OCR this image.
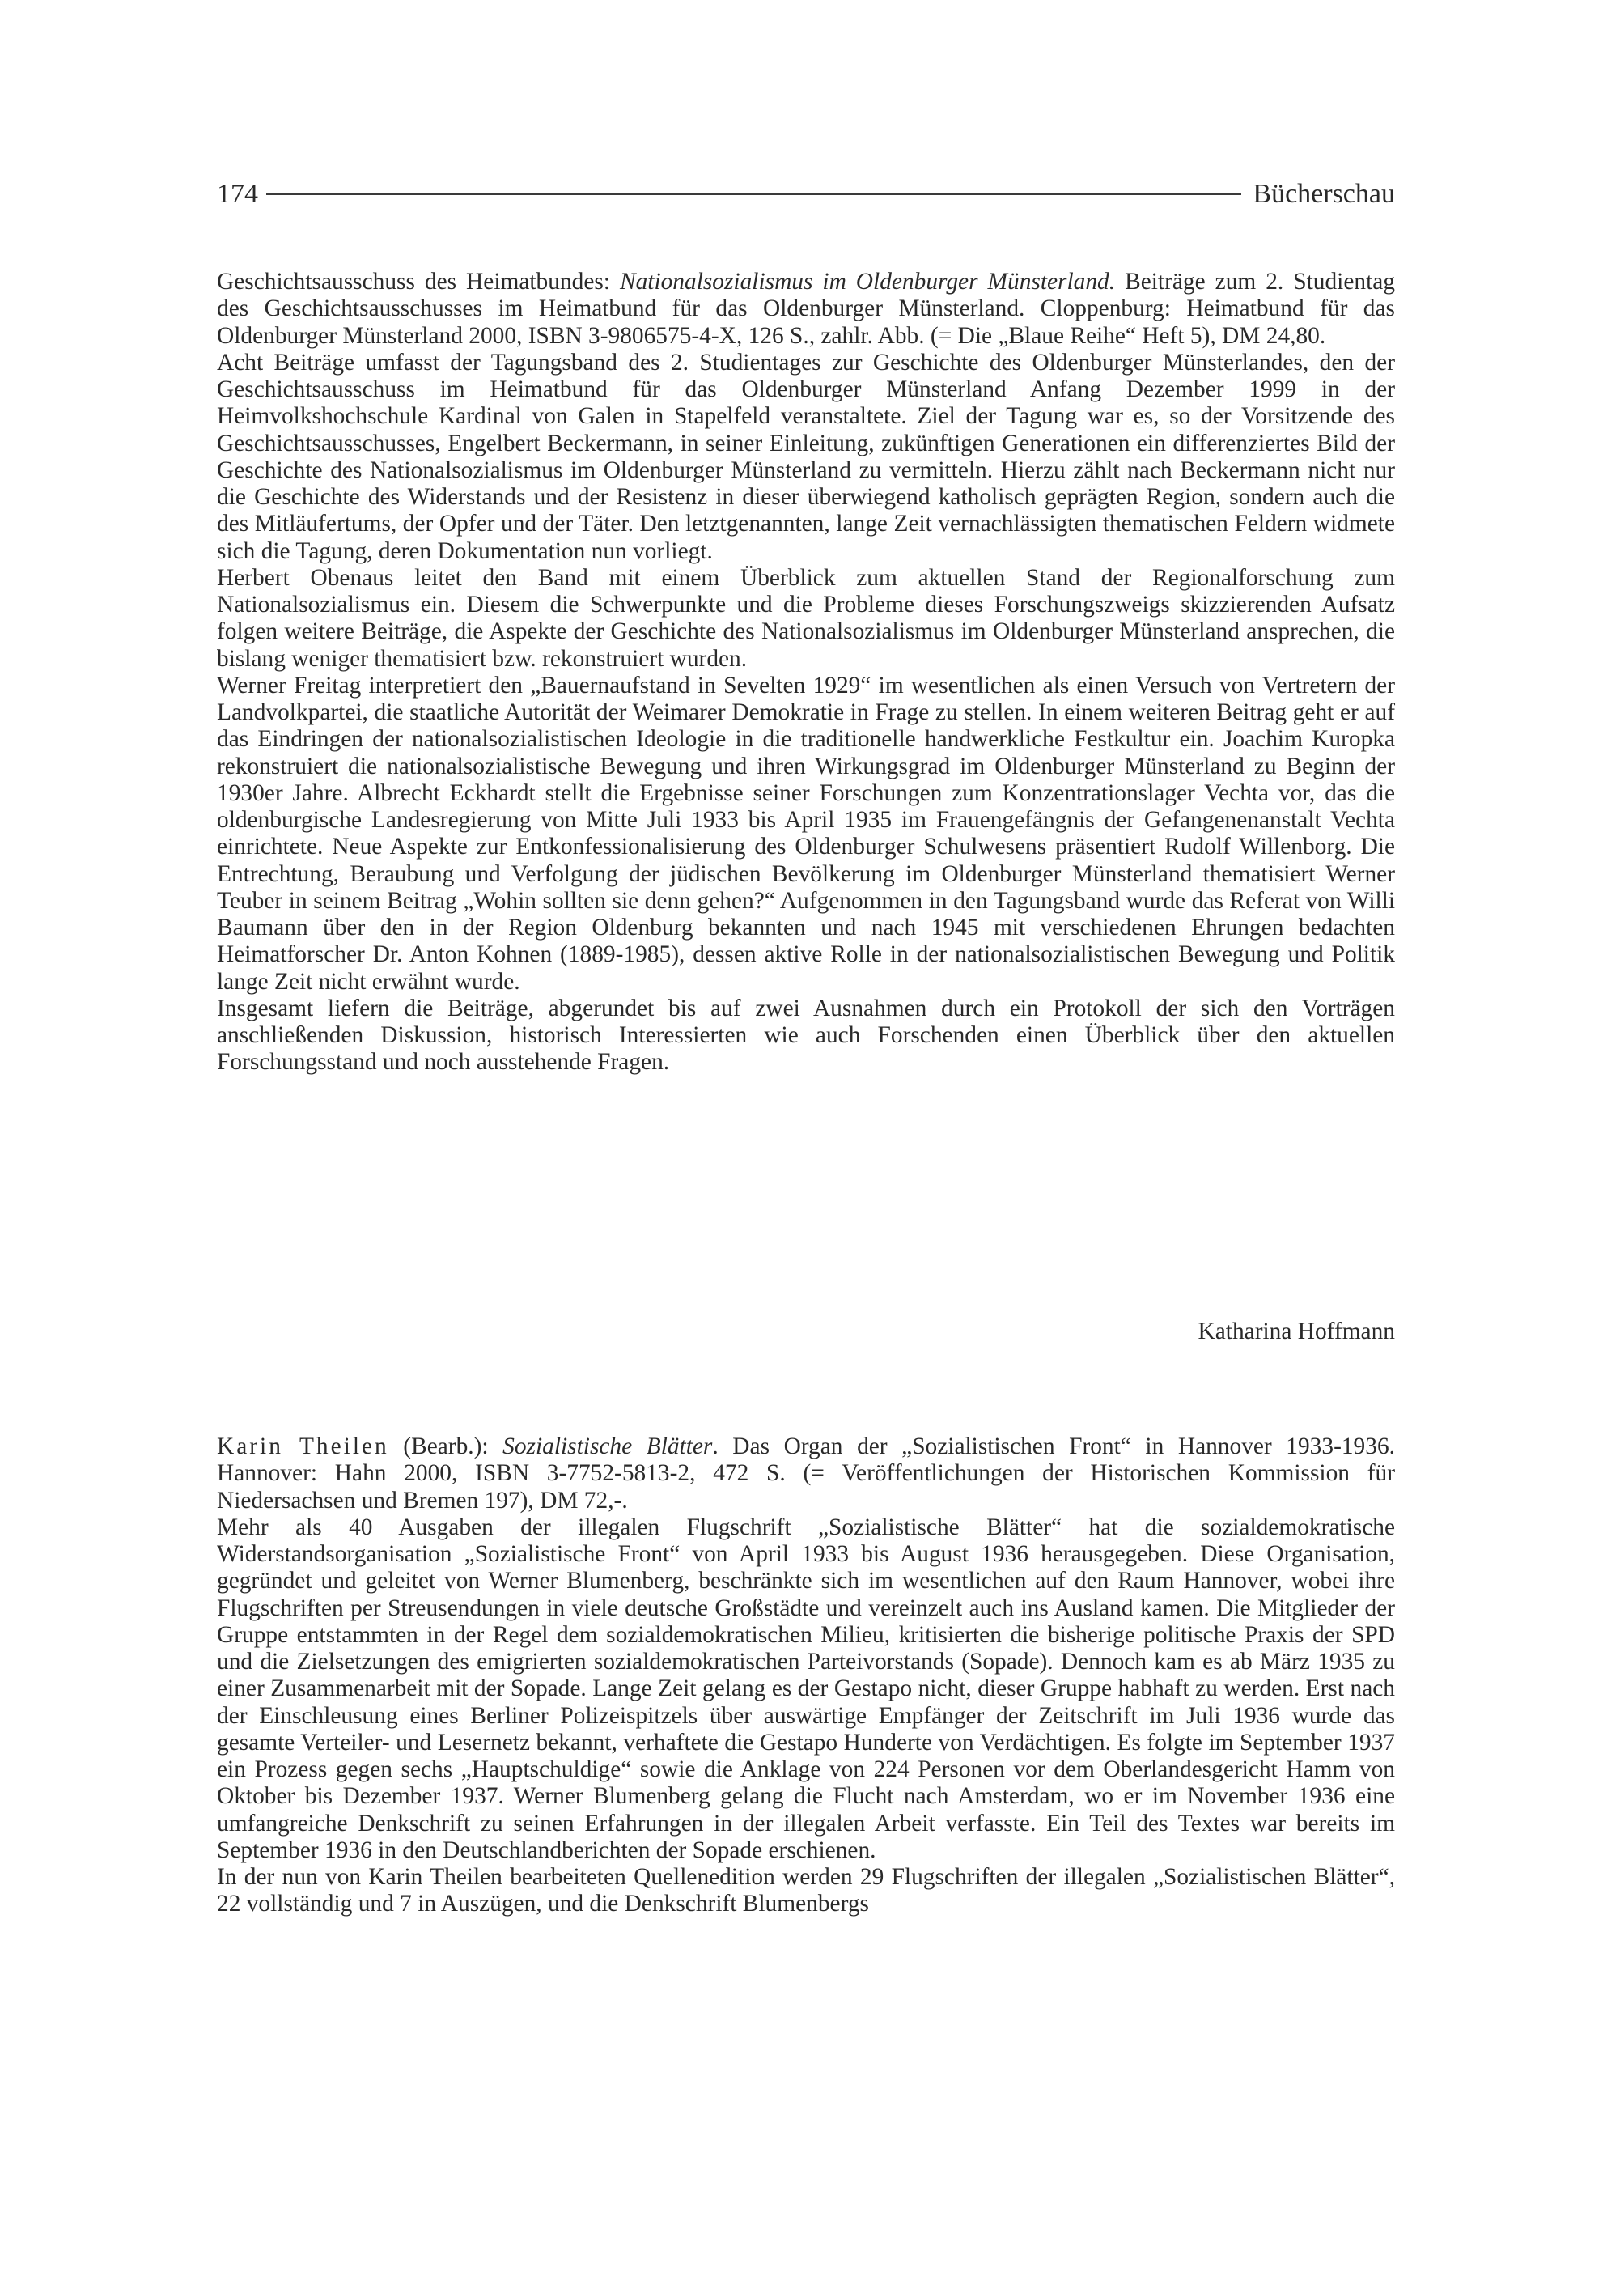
174	Bücherschau

Geschichtsausschuss des Heimatbundes: Nationalsozialismus im Oldenburger Münsterland. Beiträge zum 2. Studientag des Geschichtsausschusses im Heimatbund für das Oldenburger Münsterland. Cloppenburg: Heimatbund für das Oldenburger Münsterland 2000, ISBN 3-9806575-4-X, 126 S., zahlr. Abb. (= Die „Blaue Reihe“ Heft 5), DM 24,80.

Acht Beiträge umfasst der Tagungsband des 2. Studientages zur Geschichte des Oldenburger Münsterlandes, den der Geschichtsausschuss im Heimatbund für das Oldenburger Münsterland Anfang Dezember 1999 in der Heimvolkshochschule Kardinal von Galen in Stapelfeld veranstaltete. Ziel der Tagung war es, so der Vorsitzende des Geschichtsausschusses, Engelbert Beckermann, in seiner Einleitung, zukünftigen Generationen ein differenziertes Bild der Geschichte des Nationalsozialismus im Oldenburger Münsterland zu vermitteln. Hierzu zählt nach Beckermann nicht nur die Geschichte des Widerstands und der Resistenz in dieser überwiegend katholisch geprägten Region, sondern auch die des Mitläufertums, der Opfer und der Täter. Den letztgenannten, lange Zeit vernachlässigten thematischen Feldern widmete sich die Tagung, deren Dokumentation nun vorliegt.

Herbert Obenaus leitet den Band mit einem Überblick zum aktuellen Stand der Regionalforschung zum Nationalsozialismus ein. Diesem die Schwerpunkte und die Probleme dieses Forschungszweigs skizzierenden Aufsatz folgen weitere Beiträge, die Aspekte der Geschichte des Nationalsozialismus im Oldenburger Münsterland ansprechen, die bislang weniger thematisiert bzw. rekonstruiert wurden.

Werner Freitag interpretiert den „Bauernaufstand in Sevelten 1929“ im wesentlichen als einen Versuch von Vertretern der Landvolkpartei, die staatliche Autorität der Weimarer Demokratie in Frage zu stellen. In einem weiteren Beitrag geht er auf das Eindringen der nationalsozialistischen Ideologie in die traditionelle handwerkliche Festkultur ein. Joachim Kuropka rekonstruiert die nationalsozialistische Bewegung und ihren Wirkungsgrad im Oldenburger Münsterland zu Beginn der 1930er Jahre. Albrecht Eckhardt stellt die Ergebnisse seiner Forschungen zum Konzentrationslager Vechta vor, das die oldenburgische Landesregierung von Mitte Juli 1933 bis April 1935 im Frauengefängnis der Gefangenenanstalt Vechta einrichtete. Neue Aspekte zur Entkonfessionalisierung des Oldenburger Schulwesens präsentiert Rudolf Willenborg. Die Entrechtung, Beraubung und Verfolgung der jüdischen Bevölkerung im Oldenburger Münsterland thematisiert Werner Teuber in seinem Beitrag „Wohin sollten sie denn gehen?“ Aufgenommen in den Tagungsband wurde das Referat von Willi Baumann über den in der Region Oldenburg bekannten und nach 1945 mit verschiedenen Ehrungen bedachten Heimatforscher Dr. Anton Kohnen (1889-1985), dessen aktive Rolle in der nationalsozialistischen Bewegung und Politik lange Zeit nicht erwähnt wurde.

Insgesamt liefern die Beiträge, abgerundet bis auf zwei Ausnahmen durch ein Protokoll der sich den Vorträgen anschließenden Diskussion, historisch Interessierten wie auch Forschenden einen Überblick über den aktuellen Forschungsstand und noch ausstehende Fragen.

Katharina Hoffmann

Karin Theilen (Bearb.): Sozialistische Blätter. Das Organ der „Sozialistischen Front“ in Hannover 1933-1936. Hannover: Hahn 2000, ISBN 3-7752-5813-2, 472 S. (= Veröffentlichungen der Historischen Kommission für Niedersachsen und Bremen 197), DM 72,-.

Mehr als 40 Ausgaben der illegalen Flugschrift „Sozialistische Blätter“ hat die sozialdemokratische Widerstandsorganisation „Sozialistische Front“ von April 1933 bis August 1936 herausgegeben. Diese Organisation, gegründet und geleitet von Werner Blumenberg, beschränkte sich im wesentlichen auf den Raum Hannover, wobei ihre Flugschriften per Streusendungen in viele deutsche Großstädte und vereinzelt auch ins Ausland kamen. Die Mitglieder der Gruppe entstammten in der Regel dem sozialdemokratischen Milieu, kritisierten die bisherige politische Praxis der SPD und die Zielsetzungen des emigrierten sozialdemokratischen Parteivorstands (Sopade). Dennoch kam es ab März 1935 zu einer Zusammenarbeit mit der Sopade. Lange Zeit gelang es der Gestapo nicht, dieser Gruppe habhaft zu werden. Erst nach der Einschleusung eines Berliner Polizeispitzels über auswärtige Empfänger der Zeitschrift im Juli 1936 wurde das gesamte Verteiler- und Lesernetz bekannt, verhaftete die Gestapo Hunderte von Verdächtigen. Es folgte im September 1937 ein Prozess gegen sechs „Hauptschuldige“ sowie die Anklage von 224 Personen vor dem Oberlandesgericht Hamm von Oktober bis Dezember 1937. Werner Blumenberg gelang die Flucht nach Amsterdam, wo er im November 1936 eine umfangreiche Denkschrift zu seinen Erfahrungen in der illegalen Arbeit verfasste. Ein Teil des Textes war bereits im September 1936 in den Deutschlandberichten der Sopade erschienen.

In der nun von Karin Theilen bearbeiteten Quellenedition werden 29 Flugschriften der illegalen „Sozialistischen Blätter“, 22 vollständig und 7 in Auszügen, und die Denkschrift Blumenbergs
